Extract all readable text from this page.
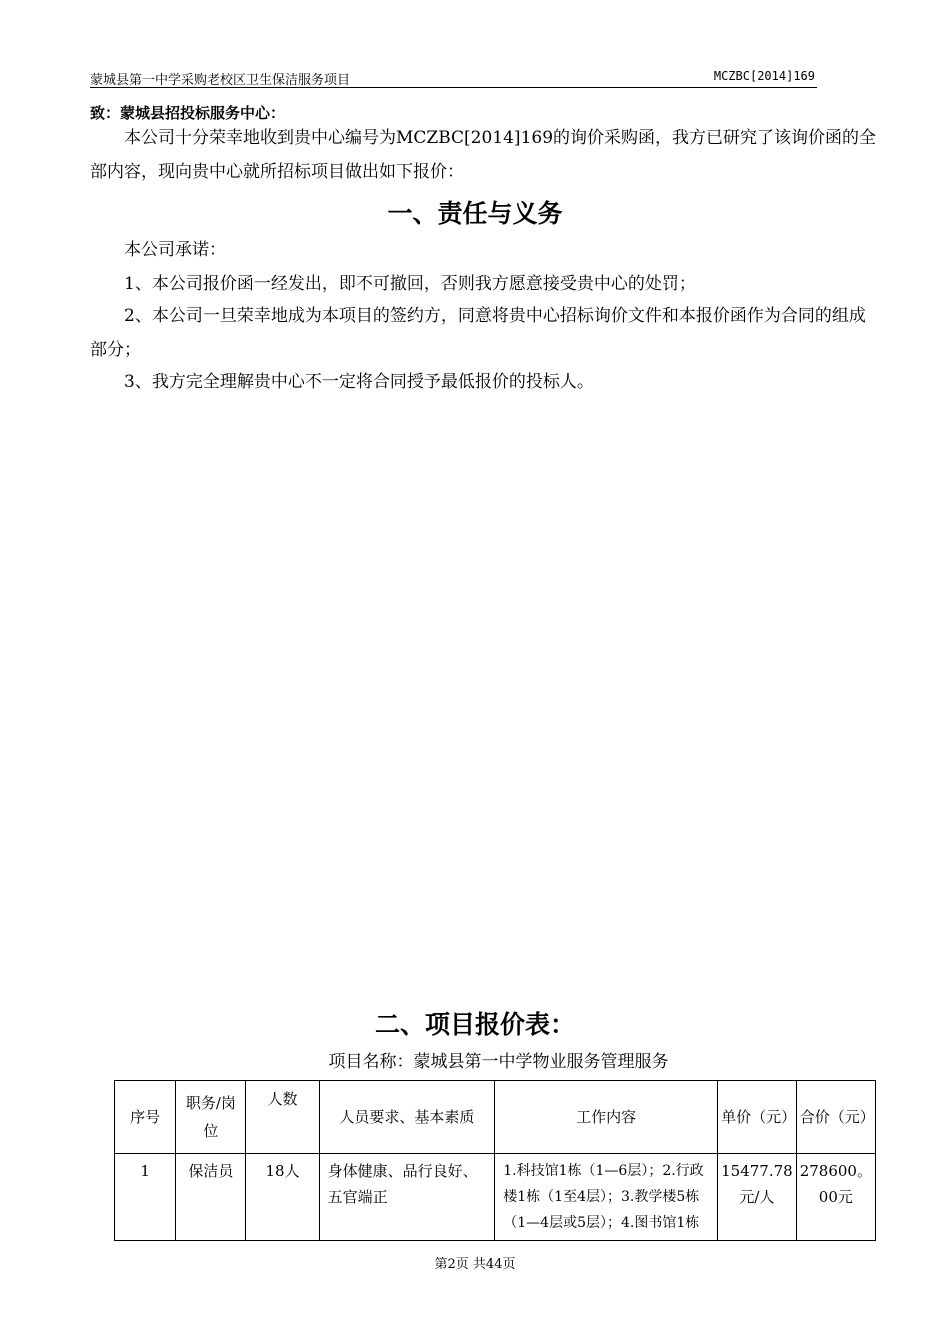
蒙城县第一中学采购老校区卫生保洁服务项目	MCZBC[2014]169
致：蒙城县招投标服务中心：
本公司十分荣幸地收到贵中心编号为MCZBC[2014]169的询价采购函，我方已研究了该询价函的全部内容，现向贵中心就所招标项目做出如下报价：
一、责任与义务
本公司承诺：
1、本公司报价函一经发出，即不可撤回，否则我方愿意接受贵中心的处罚；
2、本公司一旦荣幸地成为本项目的签约方，同意将贵中心招标询价文件和本报价函作为合同的组成部分；
3、我方完全理解贵中心不一定将合同授予最低报价的投标人。
二、项目报价表：
项目名称：蒙城县第一中学物业服务管理服务
序号	职务/岗位	人数	人员要求、基本素质	工作内容	单价（元）	合价（元）
1	保洁员	18人	身体健康、品行良好、五官端正	1.科技馆1栋（1—6层）；2.行政楼1栋（1至4层）；3.教学楼5栋（1—4层或5层）；4.图书馆1栋	15477.78元/人	278600。00元
第2页 共44页
